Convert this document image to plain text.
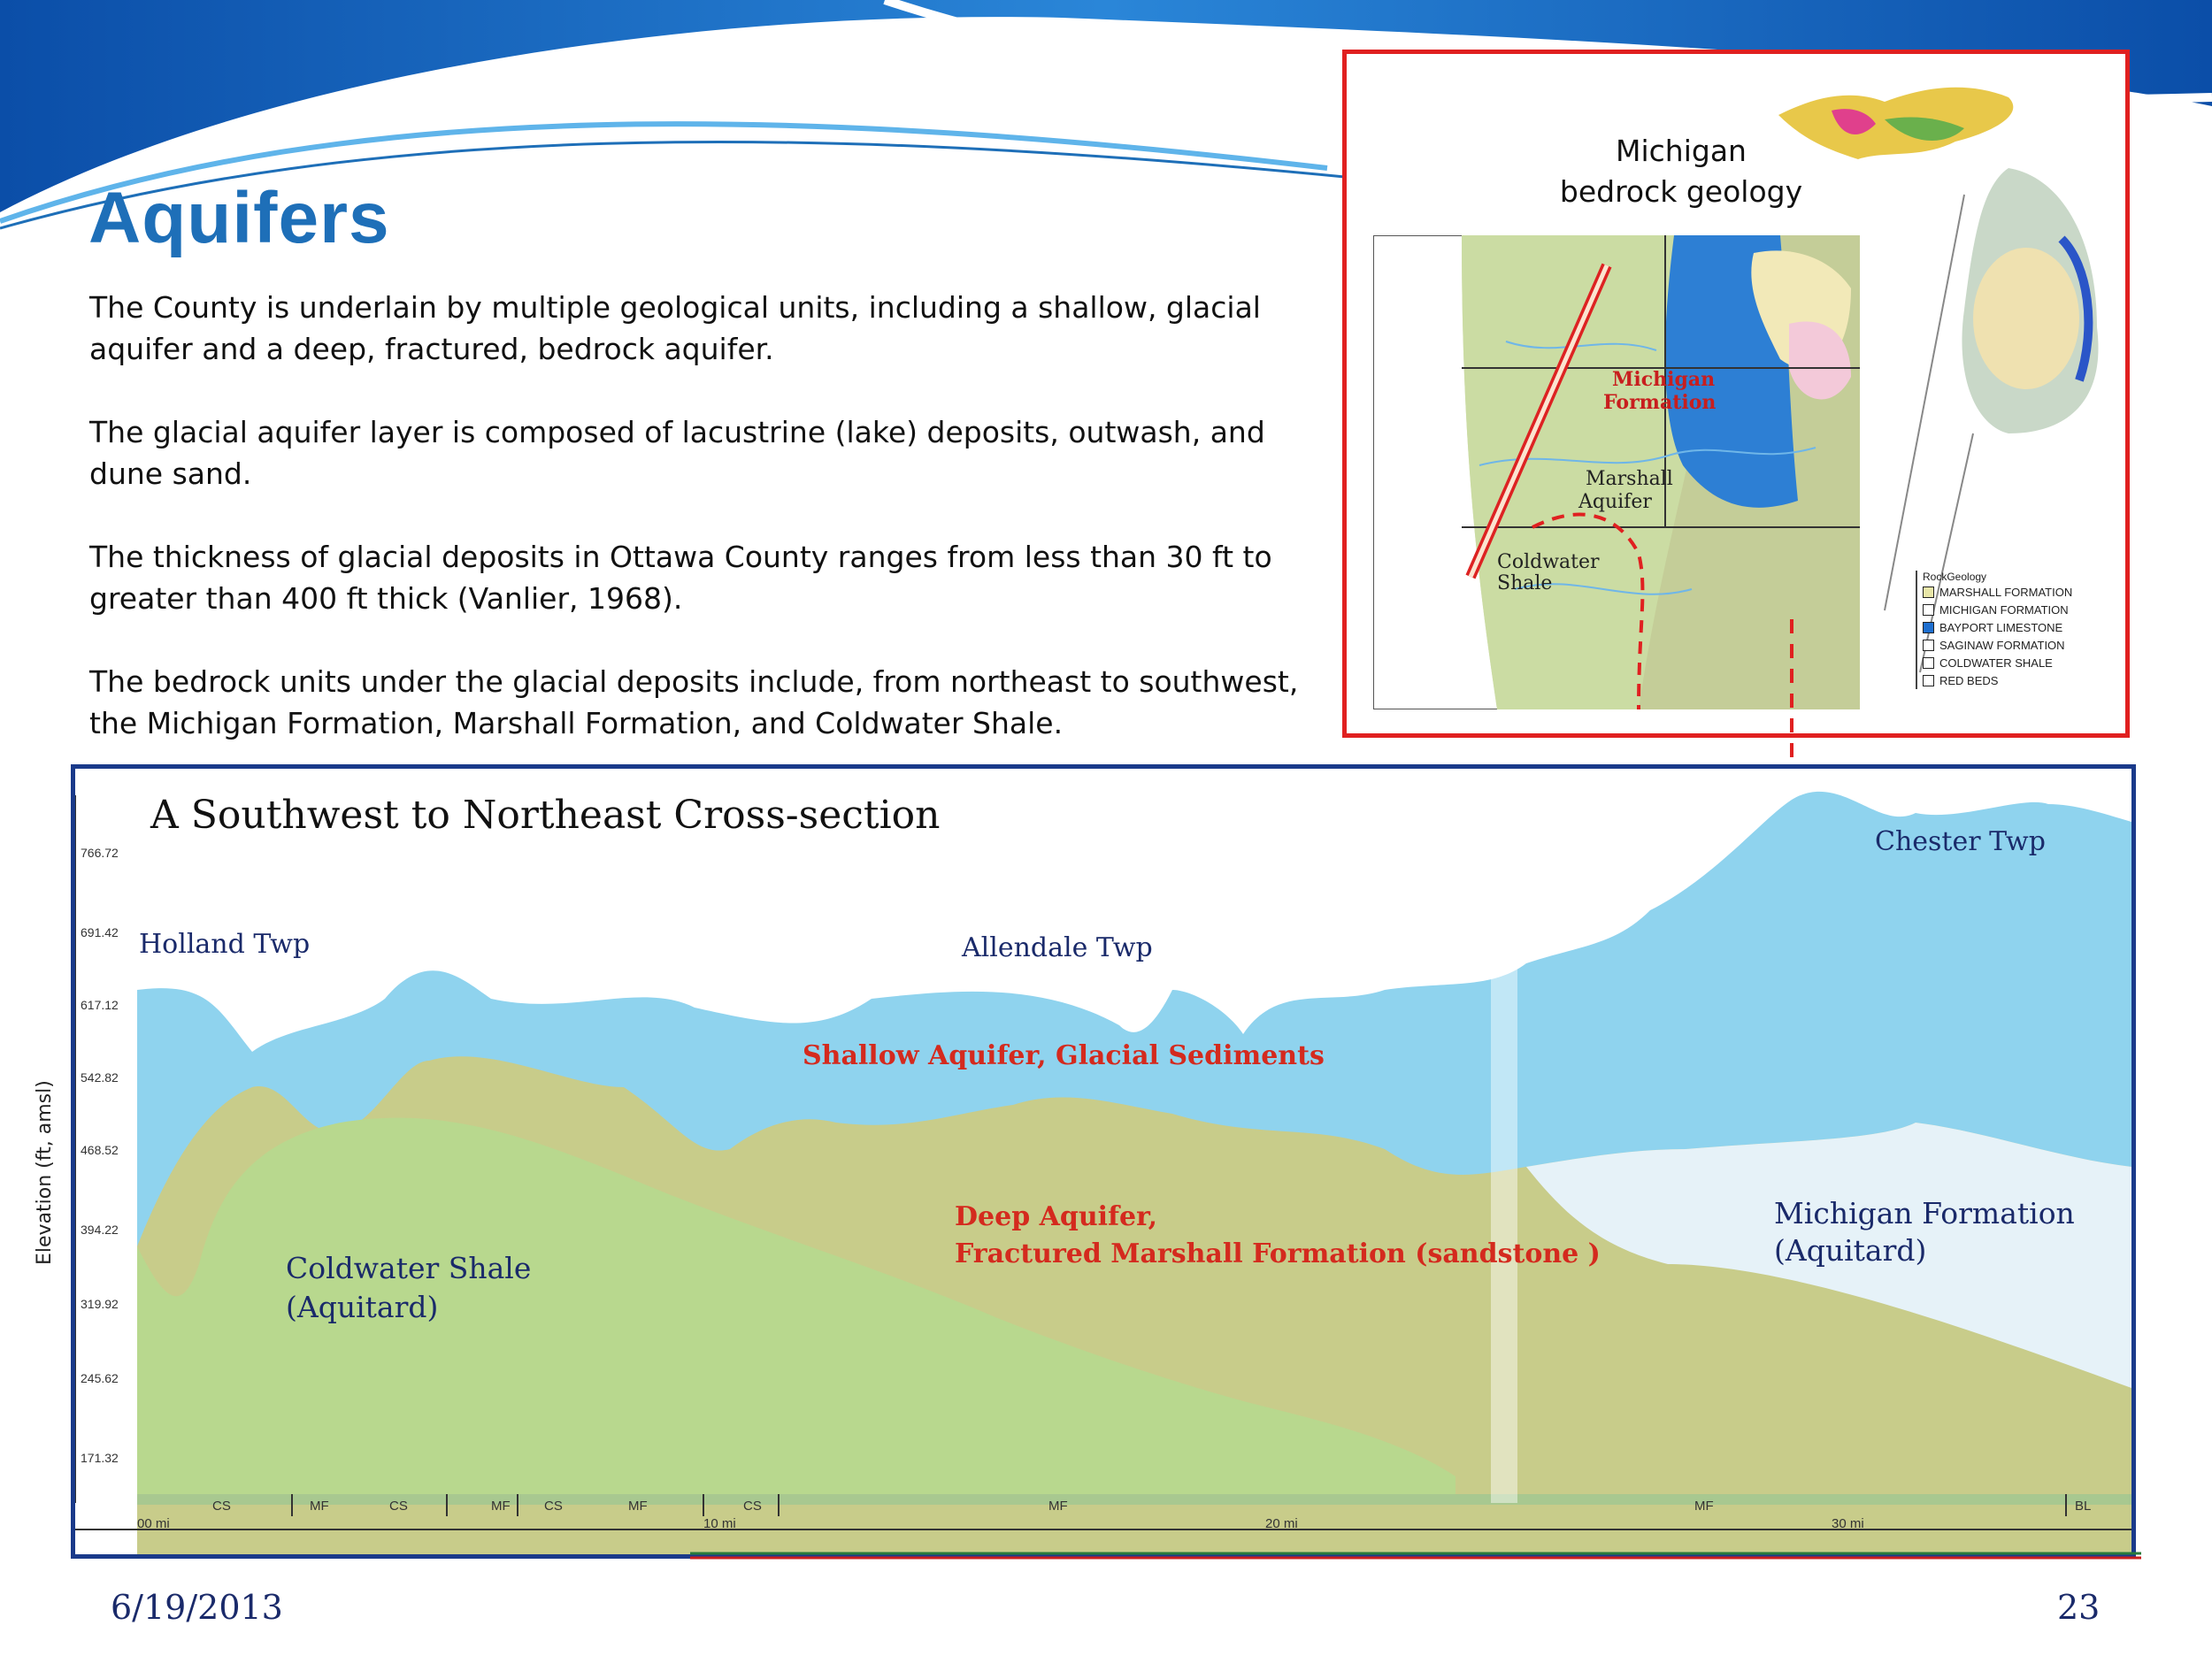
Aquifers

The County is underlain by multiple geological units, including a shallow, glacial aquifer and a deep, fractured, bedrock aquifer.

The glacial aquifer layer is composed of lacustrine (lake) deposits, outwash, and dune sand.

The thickness of glacial deposits in Ottawa County ranges from less than 30 ft to greater than 400 ft thick (Vanlier, 1968).

The bedrock units under the glacial deposits include, from northeast to southwest, the Michigan Formation, Marshall Formation, and Coldwater Shale.

Michigan
bedrock geology
Michigan
Formation
Marshall
Aquifer
Coldwater
Shale	RockGeology
MARSHALL FORMATION
MICHIGAN FORMATION
BAYPORT LIMESTONE
SAGINAW FORMATION
COLDWATER SHALE
RED BEDS
766.72
691.42
617.12
542.82
468.52
394.22
319.92
245.62
171.32
CS	MF	CS	MF	CS	MF	CS	MF	MF	BL
00 mi	10 mi	20 mi	30 mi
A Southwest to Northeast Cross-section
Holland Twp	Allendale Twp
Chester Twp
Shallow Aquifer, Glacial Sediments
Deep Aquifer,
Fractured Marshall Formation (sandstone )
Coldwater Shale
(Aquitard)
Michigan Formation
(Aquitard)
Elevation (ft, amsl)
6/19/2013	23
